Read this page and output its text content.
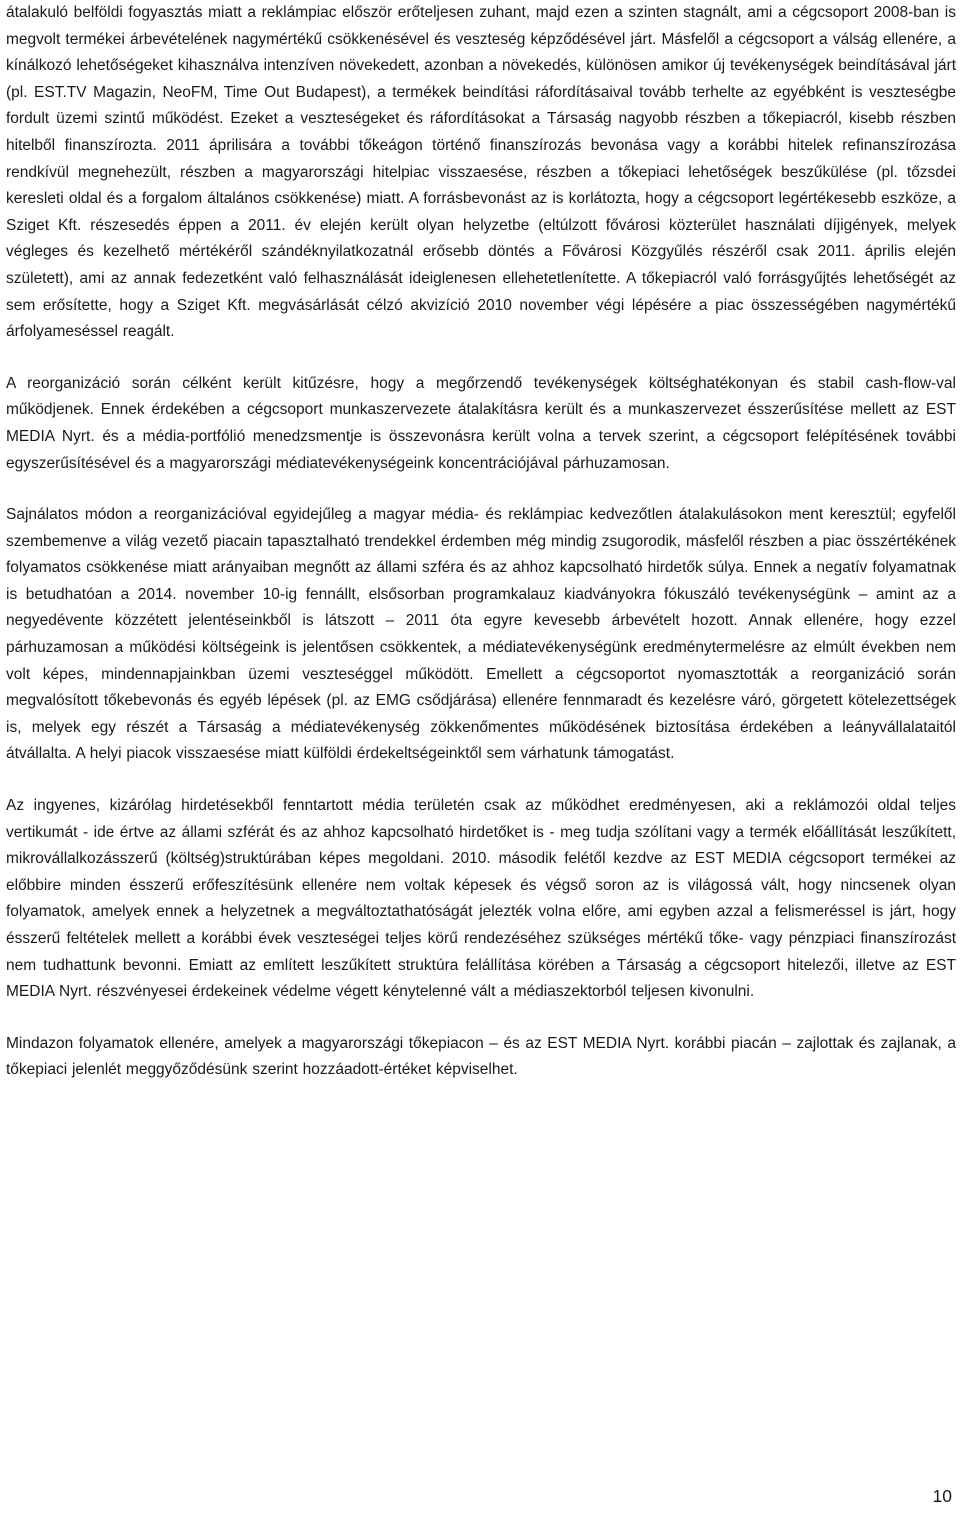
átalakuló belföldi fogyasztás miatt a reklámpiac először erőteljesen zuhant, majd ezen a szinten stagnált, ami a cégcsoport 2008-ban is megvolt termékei árbevételének nagymértékű csökkenésével és veszteség képződésével járt. Másfelől a cégcsoport a válság ellenére, a kínálkozó lehetőségeket kihasználva intenzíven növekedett, azonban a növekedés, különösen amikor új tevékenységek beindításával járt (pl. EST.TV Magazin, NeoFM, Time Out Budapest), a termékek beindítási ráfordításaival tovább terhelte az egyébként is veszteségbe fordult üzemi szintű működést. Ezeket a veszteségeket és ráfordításokat a Társaság nagyobb részben a tőkepiacról, kisebb részben hitelből finanszírozta. 2011 áprilisára a további tőkeágon történő finanszírozás bevonása vagy a korábbi hitelek refinanszírozása rendkívül megnehezült, részben a magyarországi hitelpiac visszaesése, részben a tőkepiaci lehetőségek beszűkülése (pl. tőzsdei keresleti oldal és a forgalom általános csökkenése) miatt. A forrásbevonást az is korlátozta, hogy a cégcsoport legértékesebb eszköze, a Sziget Kft. részesedés éppen a 2011. év elején került olyan helyzetbe (eltúlzott fővárosi közterület használati díjigények, melyek végleges és kezelhető mértékéről szándéknyilatkozatnál erősebb döntés a Fővárosi Közgyűlés részéről csak 2011. április elején született), ami az annak fedezetként való felhasználását ideiglenesen ellehetetlenítette. A tőkepiacról való forrásgyűjtés lehetőségét az sem erősítette, hogy a Sziget Kft. megvásárlását célzó akvizíció 2010 november végi lépésére a piac összességében nagymértékű árfolyameséssel reagált.

A reorganizáció során célként került kitűzésre, hogy a megőrzendő tevékenységek költséghatékonyan és stabil cash-flow-val működjenek. Ennek érdekében a cégcsoport munkaszervezete átalakításra került és a munkaszervezet ésszerűsítése mellett az EST MEDIA Nyrt. és a média-portfólió menedzsmentje is összevonásra került volna a tervek szerint, a cégcsoport felépítésének további egyszerűsítésével és a magyarországi médiatevékenységeink koncentrációjával párhuzamosan.

Sajnálatos módon a reorganizációval egyidejűleg a magyar média- és reklámpiac kedvezőtlen átalakulásokon ment keresztül; egyfelől szembemenve a világ vezető piacain tapasztalható trendekkel érdemben még mindig zsugorodik, másfelől részben a piac összértékének folyamatos csökkenése miatt arányaiban megnőtt az állami szféra és az ahhoz kapcsolható hirdetők súlya. Ennek a negatív folyamatnak is betudhatóan a 2014. november 10-ig fennállt, elsősorban programkalauz kiadványokra fókuszáló tevékenységünk – amint az a negyedévente közzétett jelentéseinkből is látszott – 2011 óta egyre kevesebb árbevételt hozott. Annak ellenére, hogy ezzel párhuzamosan a működési költségeink is jelentősen csökkentek, a médiatevékenységünk eredménytermelésre az elmúlt években nem volt képes, mindennapjainkban üzemi veszteséggel működött. Emellett a cégcsoportot nyomasztották a reorganizáció során megvalósított tőkebevonás és egyéb lépések (pl. az EMG csődjárása) ellenére fennmaradt és kezelésre váró, görgetett kötelezettségek is, melyek egy részét a Társaság a médiatevékenység zökkenőmentes működésének biztosítása érdekében a leányvállalataitól átvállalta. A helyi piacok visszaesése miatt külföldi érdekeltségeinktől sem várhatunk támogatást.

Az ingyenes, kizárólag hirdetésekből fenntartott média területén csak az működhet eredményesen, aki a reklámozói oldal teljes vertikumát - ide értve az állami szférát és az ahhoz kapcsolható hirdetőket is - meg tudja szólítani vagy a termék előállítását leszűkített, mikrovállalkozásszerű (költség)struktúrában képes megoldani. 2010. második felétől kezdve az EST MEDIA cégcsoport termékei az előbbire minden ésszerű erőfeszítésünk ellenére nem voltak képesek és végső soron az is világossá vált, hogy nincsenek olyan folyamatok, amelyek ennek a helyzetnek a megváltoztathatóságát jelezték volna előre, ami egyben azzal a felismeréssel is járt, hogy ésszerű feltételek mellett a korábbi évek veszteségei teljes körű rendezéséhez szükséges mértékű tőke- vagy pénzpiaci finanszírozást nem tudhattunk bevonni. Emiatt az említett leszűkített struktúra felállítása körében a Társaság a cégcsoport hitelezői, illetve az EST MEDIA Nyrt. részvényesei érdekeinek védelme végett kénytelenné vált a médiaszektorból teljesen kivonulni.

Mindazon folyamatok ellenére, amelyek a magyarországi tőkepiacon – és az EST MEDIA Nyrt. korábbi piacán – zajlottak és zajlanak, a tőkepiaci jelenlét meggyőződésünk szerint hozzáadott-értéket képviselhet.

10
